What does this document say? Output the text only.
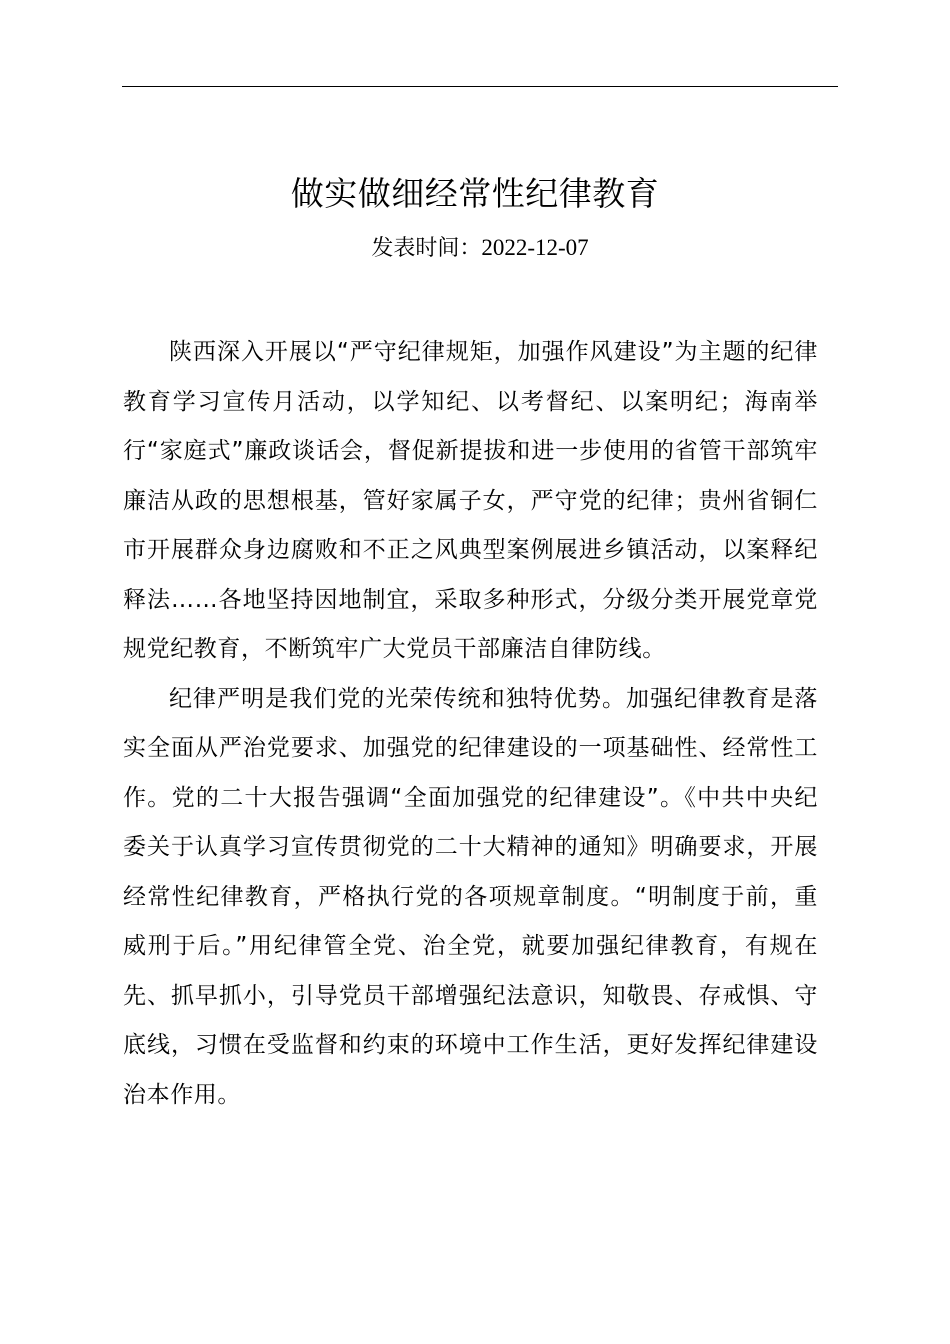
做实做细经常性纪律教育
发表时间：2022-12-07

陕西深入开展以“严守纪律规矩，加强作风建设”为主题的纪律教育学习宣传月活动，以学知纪、以考督纪、以案明纪；海南举行“家庭式”廉政谈话会，督促新提拔和进一步使用的省管干部筑牢廉洁从政的思想根基，管好家属子女，严守党的纪律；贵州省铜仁市开展群众身边腐败和不正之风典型案例展进乡镇活动，以案释纪释法……各地坚持因地制宜，采取多种形式，分级分类开展党章党规党纪教育，不断筑牢广大党员干部廉洁自律防线。

纪律严明是我们党的光荣传统和独特优势。加强纪律教育是落实全面从严治党要求、加强党的纪律建设的一项基础性、经常性工作。党的二十大报告强调“全面加强党的纪律建设”。《中共中央纪委关于认真学习宣传贯彻党的二十大精神的通知》明确要求，开展经常性纪律教育，严格执行党的各项规章制度。“明制度于前，重威刑于后。”用纪律管全党、治全党，就要加强纪律教育，有规在先、抓早抓小，引导党员干部增强纪法意识，知敬畏、存戒惧、守底线，习惯在受监督和约束的环境中工作生活，更好发挥纪律建设治本作用。
